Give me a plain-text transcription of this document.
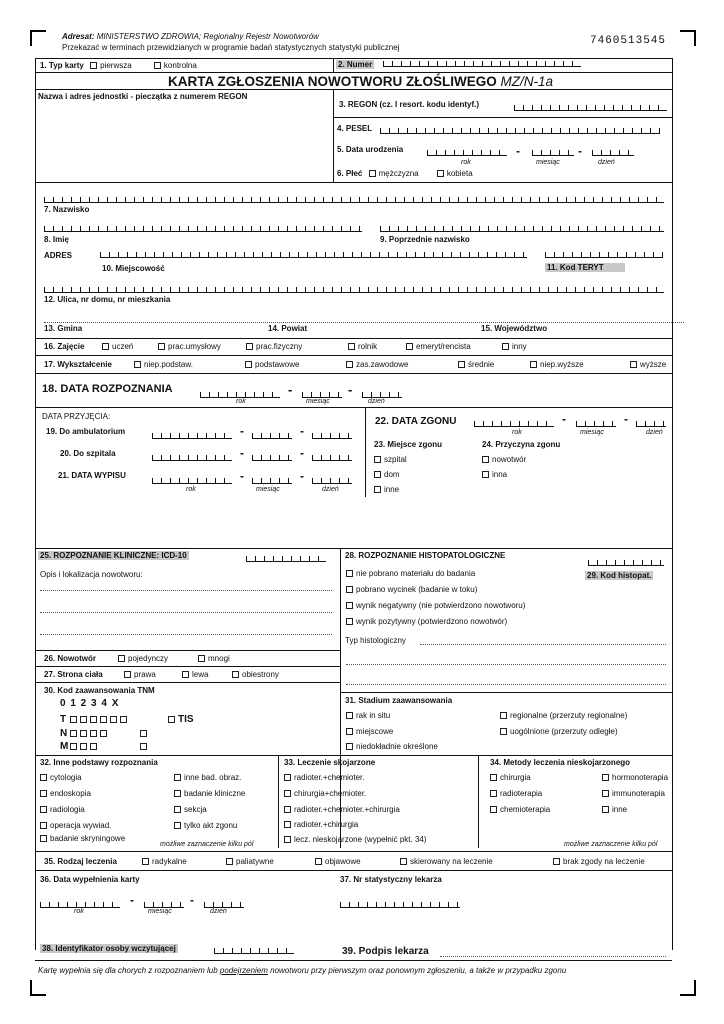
Adresat: MINISTERSTWO ZDROWIA; Regionalny Rejestr Nowotworów
Przekazać w terminach przewidzianych w programie badań statystycznych statystyki publicznej
7460513545
1. Typ karty pierwsza	kontrolna	2. Numer
KARTA ZGŁOSZENIA NOWOTWORU ZŁOŚLIWEGO MZ/N-1a
Nazwa i adres jednostki - pieczątka z numerem REGON
3. REGON (cz. I resort. kodu identyf.)
4. PESEL
5. Data urodzenia	-	-
rok	miesiąc	dzień
6. Płeć mężczyzna	kobieta
7. Nazwisko
8. Imię	9. Poprzednie nazwisko
ADRES
10. Miejscowość	11. Kod TERYT
12. Ulica, nr domu, nr mieszkania
13. Gmina	14. Powiat	15. Województwo
16. Zajęcie	uczeń	prac.umysłowy	prac.fizyczny	rolnik	emeryt/rencista	inny
17. Wykształcenie	niep.podstaw.	podstawowe	zas.zawodowe	średnie	niep.wyższe	wyższe
18. DATA ROZPOZNANIA	-	-
rok	miesiąc	dzień
DATA PRZYJĘCIA:
19. Do ambulatorium	-	-
20. Do szpitala	-	-
21. DATA WYPISU	-	-
rok	miesiąc	dzień
22. DATA ZGONU	-	-
rok	miesiąc	dzień
23. Miejsce zgonu	24. Przyczyna zgonu
szpital
dom
inne
nowotwór
inna
25. ROZPOZNANIE KLINICZNE: ICD-10
Opis i lokalizacja nowotworu:
26. Nowotwór	pojedynczy	mnogi
27. Strona ciała	prawa	lewa	obiestrony
28. ROZPOZNANIE HISTOPATOLOGICZNE
nie pobrano materiału do badania
pobrano wycinek (badanie w toku)
wynik negatywny (nie potwierdzono nowotworu)
wynik pozytywny (potwierdzono nowotwór)
29. Kod histopat.
Typ histologiczny
30. Kod zaawansowania TNM
0 1 2 3 4 X
T	TIS
N
M
31. Stadium zaawansowania
rak in situ
miejscowe
niedokładnie określone
regionalne (przerzuty regionalne)
uogólnione (przerzuty odległe)
32. Inne podstawy rozpoznania
cytologia
endoskopia
radiologia
operacja wywiad.
badanie skryningowe
inne bad. obraz.
badanie kliniczne
sekcja
tylko akt zgonu
możliwe zaznaczenie kilku pól
33. Leczenie skojarzone
radioter.+chemioter.
chirurgia+chemioter.
radioter.+chemioter.+chirurgia
radioter.+chirurgia
lecz. nieskojarzone (wypełnić pkt. 34)
34. Metody leczenia nieskojarzonego
chirurgia
radioterapia
chemioterapia
hormonoterapia
immunoterapia
inne
możliwe zaznaczenie kilku pól
35. Rodzaj leczenia	radykalne	paliatywne	objawowe	skierowany na leczenie	brak zgody na leczenie
36. Data wypełnienia karty
-	-
rok	miesiąc	dzień
37. Nr statystyczny lekarza
38. Identyfikator osoby wczytującej	39. Podpis lekarza
Kartę wypełnia się dla chorych z rozpoznaniem lub podejrzeniem nowotworu przy pierwszym oraz ponownym zgłoszeniu, a także w przypadku zgonu
